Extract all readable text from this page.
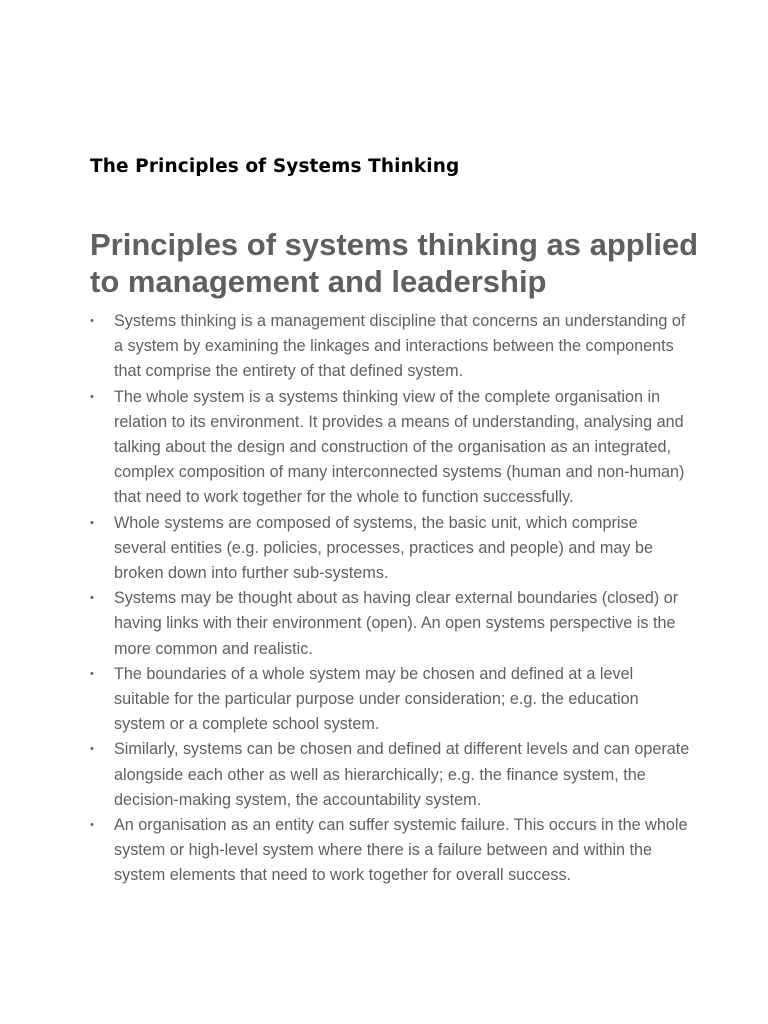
The Principles of Systems Thinking
Principles of systems thinking as applied to management and leadership
• Systems thinking is a management discipline that concerns an understanding of a system by examining the linkages and interactions between the components that comprise the entirety of that defined system.
• The whole system is a systems thinking view of the complete organisation in relation to its environment. It provides a means of understanding, analysing and talking about the design and construction of the organisation as an integrated, complex composition of many interconnected systems (human and non-human) that need to work together for the whole to function successfully.
• Whole systems are composed of systems, the basic unit, which comprise several entities (e.g. policies, processes, practices and people) and may be broken down into further sub-systems.
• Systems may be thought about as having clear external boundaries (closed) or having links with their environment (open). An open systems perspective is the more common and realistic.
• The boundaries of a whole system may be chosen and defined at a level suitable for the particular purpose under consideration; e.g. the education system or a complete school system.
• Similarly, systems can be chosen and defined at different levels and can operate alongside each other as well as hierarchically; e.g. the finance system, the decision-making system, the accountability system.
• An organisation as an entity can suffer systemic failure. This occurs in the whole system or high-level system where there is a failure between and within the system elements that need to work together for overall success.
